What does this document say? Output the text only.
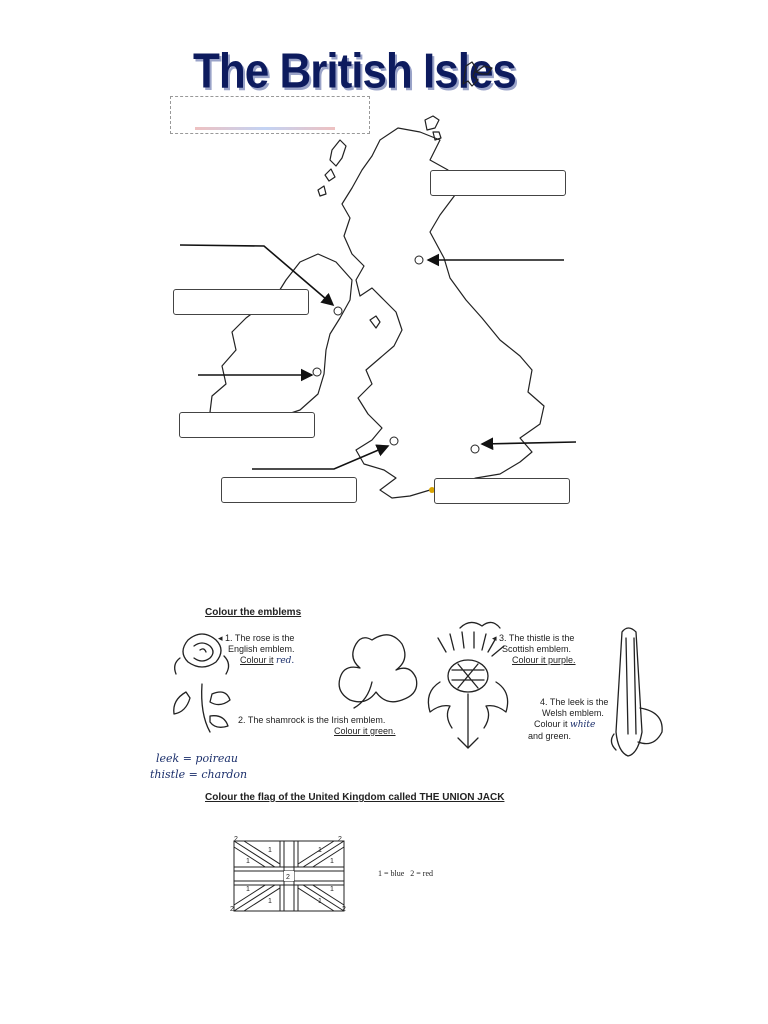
The British Isles
Colour the emblems
◂ 1. The rose is the
English emblem.
Colour it red.
2. The shamrock is the Irish emblem.
Colour it green.
◂ 3. The thistle is the
Scottish emblem.
Colour it purple.
4. The leek is the
Welsh emblem.
Colour it white
and green.
leek = poireau
thistle = chardon
Colour the flag of the United Kingdom called THE UNION JACK
2	2
1	1
1	1
2
1	1
1	1
2	2
1 = blue   2 = red
